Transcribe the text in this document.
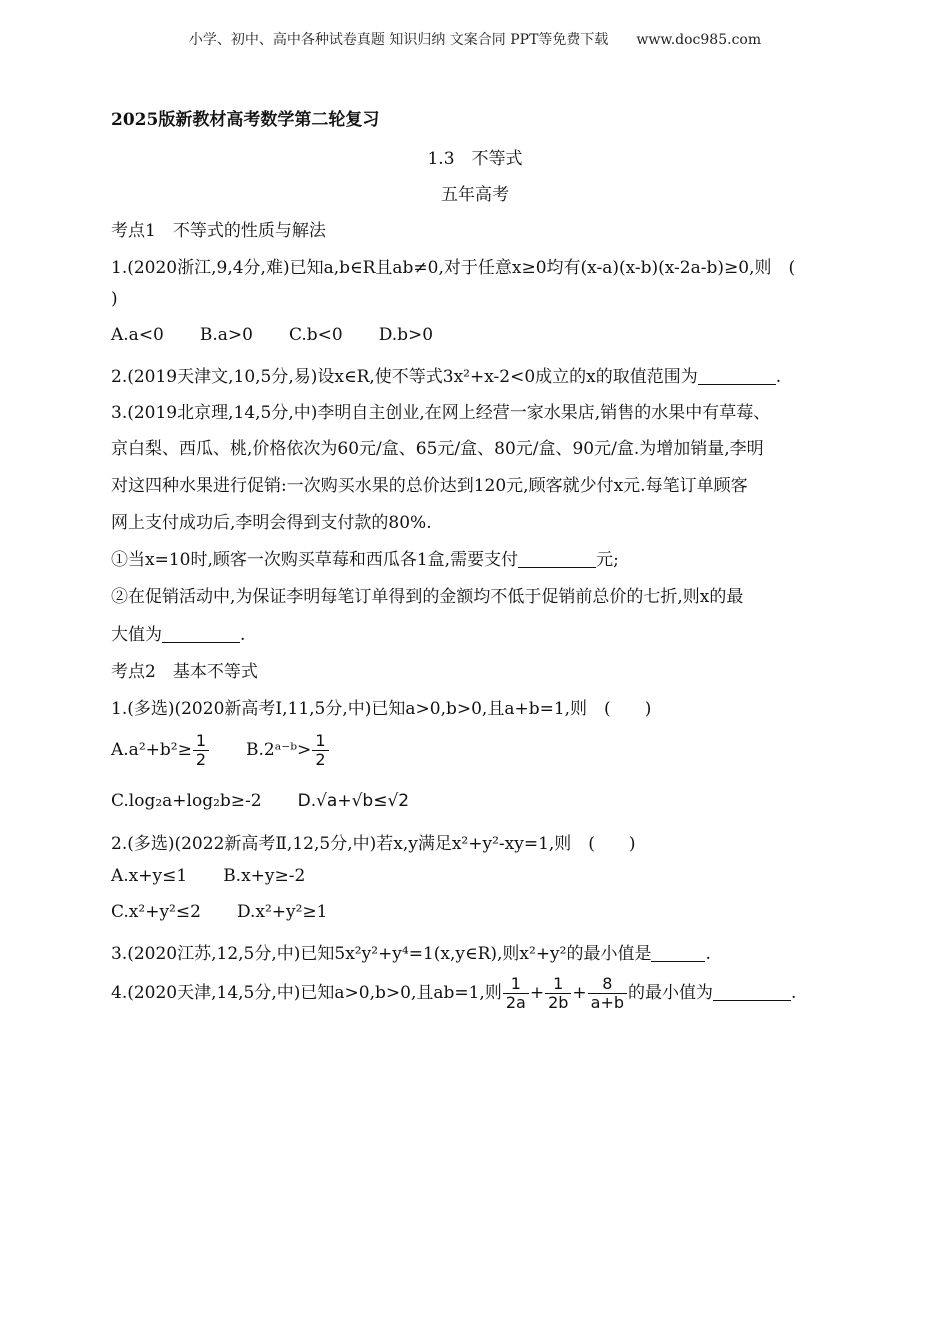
小学、初中、高中各种试卷真题 知识归纳 文案合同 PPT等免费下载 www.doc985.com
2025版新教材高考数学第二轮复习
1.3　不等式
五年高考
考点1　不等式的性质与解法
1.(2020浙江,9,4分,难)已知a,b∈R且ab≠0,对于任意x≥0均有(x-a)(x-b)(x-2a-b)≥0,则　(
)
A.a<0 B.a>0 C.b<0 D.b>0
2.(2019天津文,10,5分,易)设x∈R,使不等式3x²+x-2<0成立的x的取值范围为	.
3.(2019北京理,14,5分,中)李明自主创业,在网上经营一家水果店,销售的水果中有草莓、
京白梨、西瓜、桃,价格依次为60元/盒、65元/盒、80元/盒、90元/盒.为增加销量,李明
对这四种水果进行促销:一次购买水果的总价达到120元,顾客就少付x元.每笔订单顾客
网上支付成功后,李明会得到支付款的80%.
①当x=10时,顾客一次购买草莓和西瓜各1盒,需要支付	元;
②在促销活动中,为保证李明每笔订单得到的金额均不低于促销前总价的七折,则x的最
大值为	.
考点2　基本不等式
1.(多选)(2020新高考Ⅰ,11,5分,中)已知a>0,b>0,且a+b=1,则　(　　)
$A.a^2+b^2\ge \frac{1}{2}$ B.2ᵃ⁻ᵇ> $\frac{1}{2}$
C.log₂a+log₂b≥-2 D.√a+√b≤√2
2.(多选)(2022新高考Ⅱ,12,5分,中)若x,y满足x²+y²-xy=1,则　(　　)
A.x+y≤1 B.x+y≥-2
C.x²+y²≤2 D.x²+y²≥1
3.(2020江苏,12,5分,中)已知5x²y²+y⁴=1(x,y∈R),则x²+y²的最小值是	.
4.(2020天津,14,5分,中)已知a>0,b>0,且ab=1,则 $\frac{1}{2a} + \frac{1}{2b} + \frac{8}{a+b}$ 的最小值为	.
